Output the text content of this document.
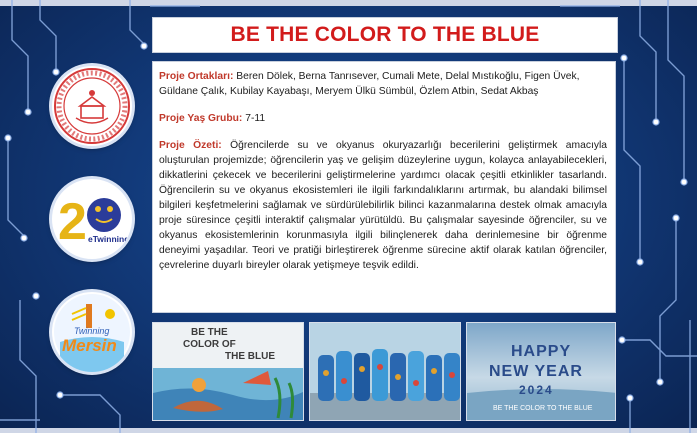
2 eTwinning
Twinning
Mersin
BE THE COLOR TO THE BLUE

Proje Ortakları: Beren Dölek, Berna Tanrısever, Cumali Mete, Delal Mıstıkoğlu, Figen Üvek, Güldane Çalık, Kubilay Kayabaşı, Meryem Ülkü Sümbül, Özlem Atbin, Sedat Akbaş

Proje Yaş Grubu: 7-11

Proje Özeti: Öğrencilerde su ve okyanus okuryazarlığı becerilerini geliştirmek amacıyla oluşturulan projemizde; öğrencilerin yaş ve gelişim düzeylerine uygun, kolayca anlayabilecekleri, dikkatlerini çekecek ve becerilerini geliştirmelerine yardımcı olacak çeşitli etkinlikler tasarlandı. Öğrencilerin su ve okyanus ekosistemleri ile ilgili farkındalıklarını artırmak, bu alandaki bilimsel bilgileri keşfetmelerini sağlamak ve sürdürülebilirlik bilinci kazanmalarına destek olmak amacıyla proje süresince çeşitli interaktif çalışmalar yürütüldü. Bu çalışmalar sayesinde öğrenciler, su ve okyanus ekosistemlerinin korunmasıyla ilgili bilinçlenerek daha derinlemesine bir öğrenme deneyimi yaşadılar. Teori ve pratiği birleştirerek öğrenme sürecine aktif olarak katılan öğrenciler, çevrelerine duyarlı bireyler olarak yetişmeye teşvik edildi.

BE THE
COLOR OF
THE BLUE	HAPPY
NEW YEAR
2024
BE THE COLOR TO THE BLUE
